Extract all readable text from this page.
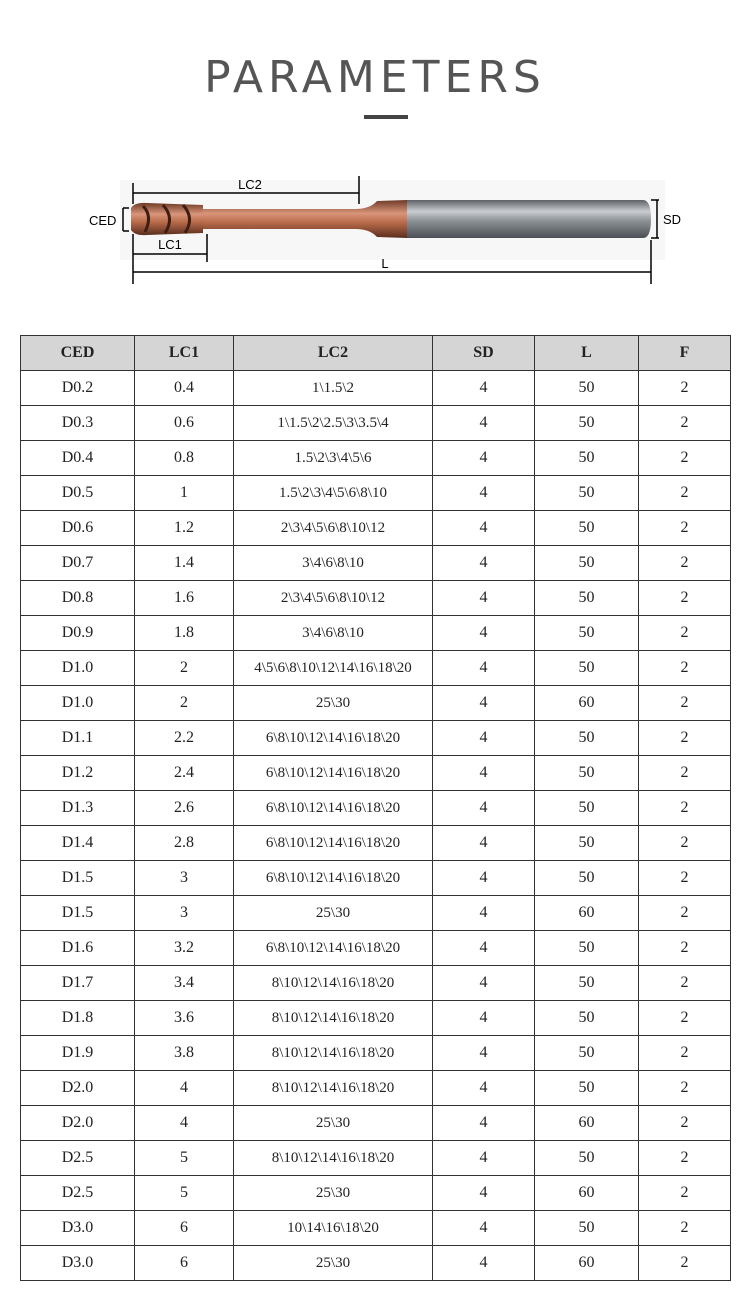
PARAMETERS
LC2
CED
LC1
L
SD
CED	LC1	LC2	SD	L	F
D0.2	0.4	1\1.5\2	4	50	2
D0.3	0.6	1\1.5\2\2.5\3\3.5\4	4	50	2
D0.4	0.8	1.5\2\3\4\5\6	4	50	2
D0.5	1	1.5\2\3\4\5\6\8\10	4	50	2
D0.6	1.2	2\3\4\5\6\8\10\12	4	50	2
D0.7	1.4	3\4\6\8\10	4	50	2
D0.8	1.6	2\3\4\5\6\8\10\12	4	50	2
D0.9	1.8	3\4\6\8\10	4	50	2
D1.0	2	4\5\6\8\10\12\14\16\18\20	4	50	2
D1.0	2	25\30	4	60	2
D1.1	2.2	6\8\10\12\14\16\18\20	4	50	2
D1.2	2.4	6\8\10\12\14\16\18\20	4	50	2
D1.3	2.6	6\8\10\12\14\16\18\20	4	50	2
D1.4	2.8	6\8\10\12\14\16\18\20	4	50	2
D1.5	3	6\8\10\12\14\16\18\20	4	50	2
D1.5	3	25\30	4	60	2
D1.6	3.2	6\8\10\12\14\16\18\20	4	50	2
D1.7	3.4	8\10\12\14\16\18\20	4	50	2
D1.8	3.6	8\10\12\14\16\18\20	4	50	2
D1.9	3.8	8\10\12\14\16\18\20	4	50	2
D2.0	4	8\10\12\14\16\18\20	4	50	2
D2.0	4	25\30	4	60	2
D2.5	5	8\10\12\14\16\18\20	4	50	2
D2.5	5	25\30	4	60	2
D3.0	6	10\14\16\18\20	4	50	2
D3.0	6	25\30	4	60	2
